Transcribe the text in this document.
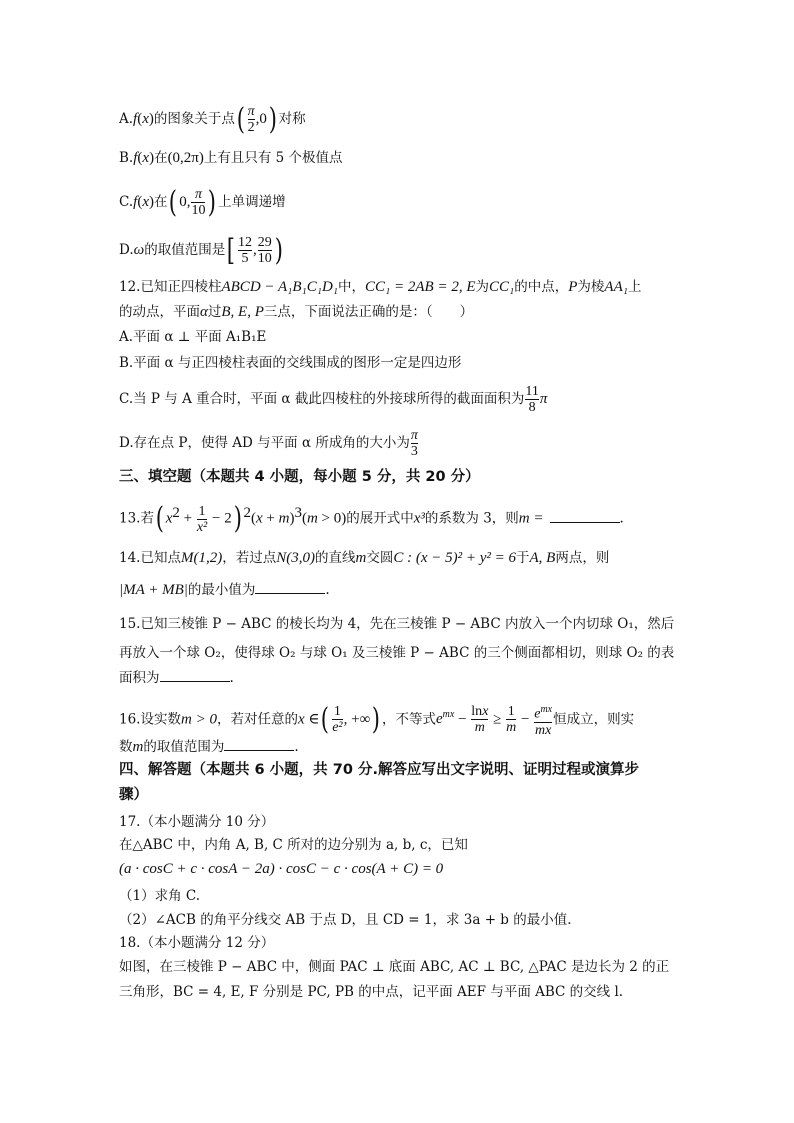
A.f(x)的图象关于点( $\frac{\pi}{2} ,0$) 对称
B.f(x)在(0,2π)上有且只有 5 个极值点
C.f(x)在( 0, $\frac{\pi}{10}$ ) 上单调递增
D.ω的取值范围是[ $\frac{12}{5}$ , $\frac{29}{10}$ )
12.已知正四棱柱ABCD − A₁B₁C₁D₁中，CC₁ = 2AB = 2, E为CC₁的中点，P为棱AA₁上
的动点，平面α过B, E, P三点，下面说法正确的是：（　　）
A.平面 α ⊥ 平面 A₁B₁E
B.平面 α 与正四棱柱表面的交线围成的图形一定是四边形
C.当 P 与 A 重合时，平面 α 截此四棱柱的外接球所得的截面面积为 $\frac{11}{8}$ π
D.存在点 P，使得 AD 与平面 α 所成角的大小为 $\frac{\pi}{3}$
三、填空题（本题共 4 小题，每小题 5 分，共 20 分）
13.若( $x^2 + \frac{1}{\text{x²}} - 2$) $^2(x + m)^3(m > 0)$的展开式中x³的系数为 3，则m =	.
14.已知点M(1,2)，若过点N(3,0)的直线m交圆C : (x − 5)² + y² = 6于A, B两点，则
|MA + MB|的最小值为	.
15.已知三棱锥 P − ABC 的棱长均为 4，先在三棱锥 P − ABC 内放入一个内切球 O₁，然后
再放入一个球 O₂，使得球 O₂ 与球 O₁ 及三棱锥 P − ABC 的三个侧面都相切，则球 O₂ 的表
面积为	.
16.设实数m > 0，若对任意的x ∈( $\frac{1}{\text{e²}}$ , +∞) ，不等式$e^{mx} - \frac{\ln x}{m} \ge \frac{1}{m} - \frac{e^{mx}}{mx}$ 恒成立，则实
数m的取值范围为	.
四、解答题（本题共 6 小题，共 70 分.解答应写出文字说明、证明过程或演算步
骤）
17.（本小题满分 10 分）
在△ABC 中，内角 A, B, C 所对的边分别为 a, b, c，已知
(a · cosC + c · cosA − 2a) · cosC − c · cos(A + C) = 0
（1）求角 C.
（2）∠ACB 的角平分线交 AB 于点 D，且 CD = 1，求 3a + b 的最小值.
18.（本小题满分 12 分）
如图，在三棱锥 P − ABC 中，侧面 PAC ⊥ 底面 ABC, AC ⊥ BC, △PAC 是边长为 2 的正
三角形，BC = 4, E, F 分别是 PC, PB 的中点，记平面 AEF 与平面 ABC 的交线 l.
